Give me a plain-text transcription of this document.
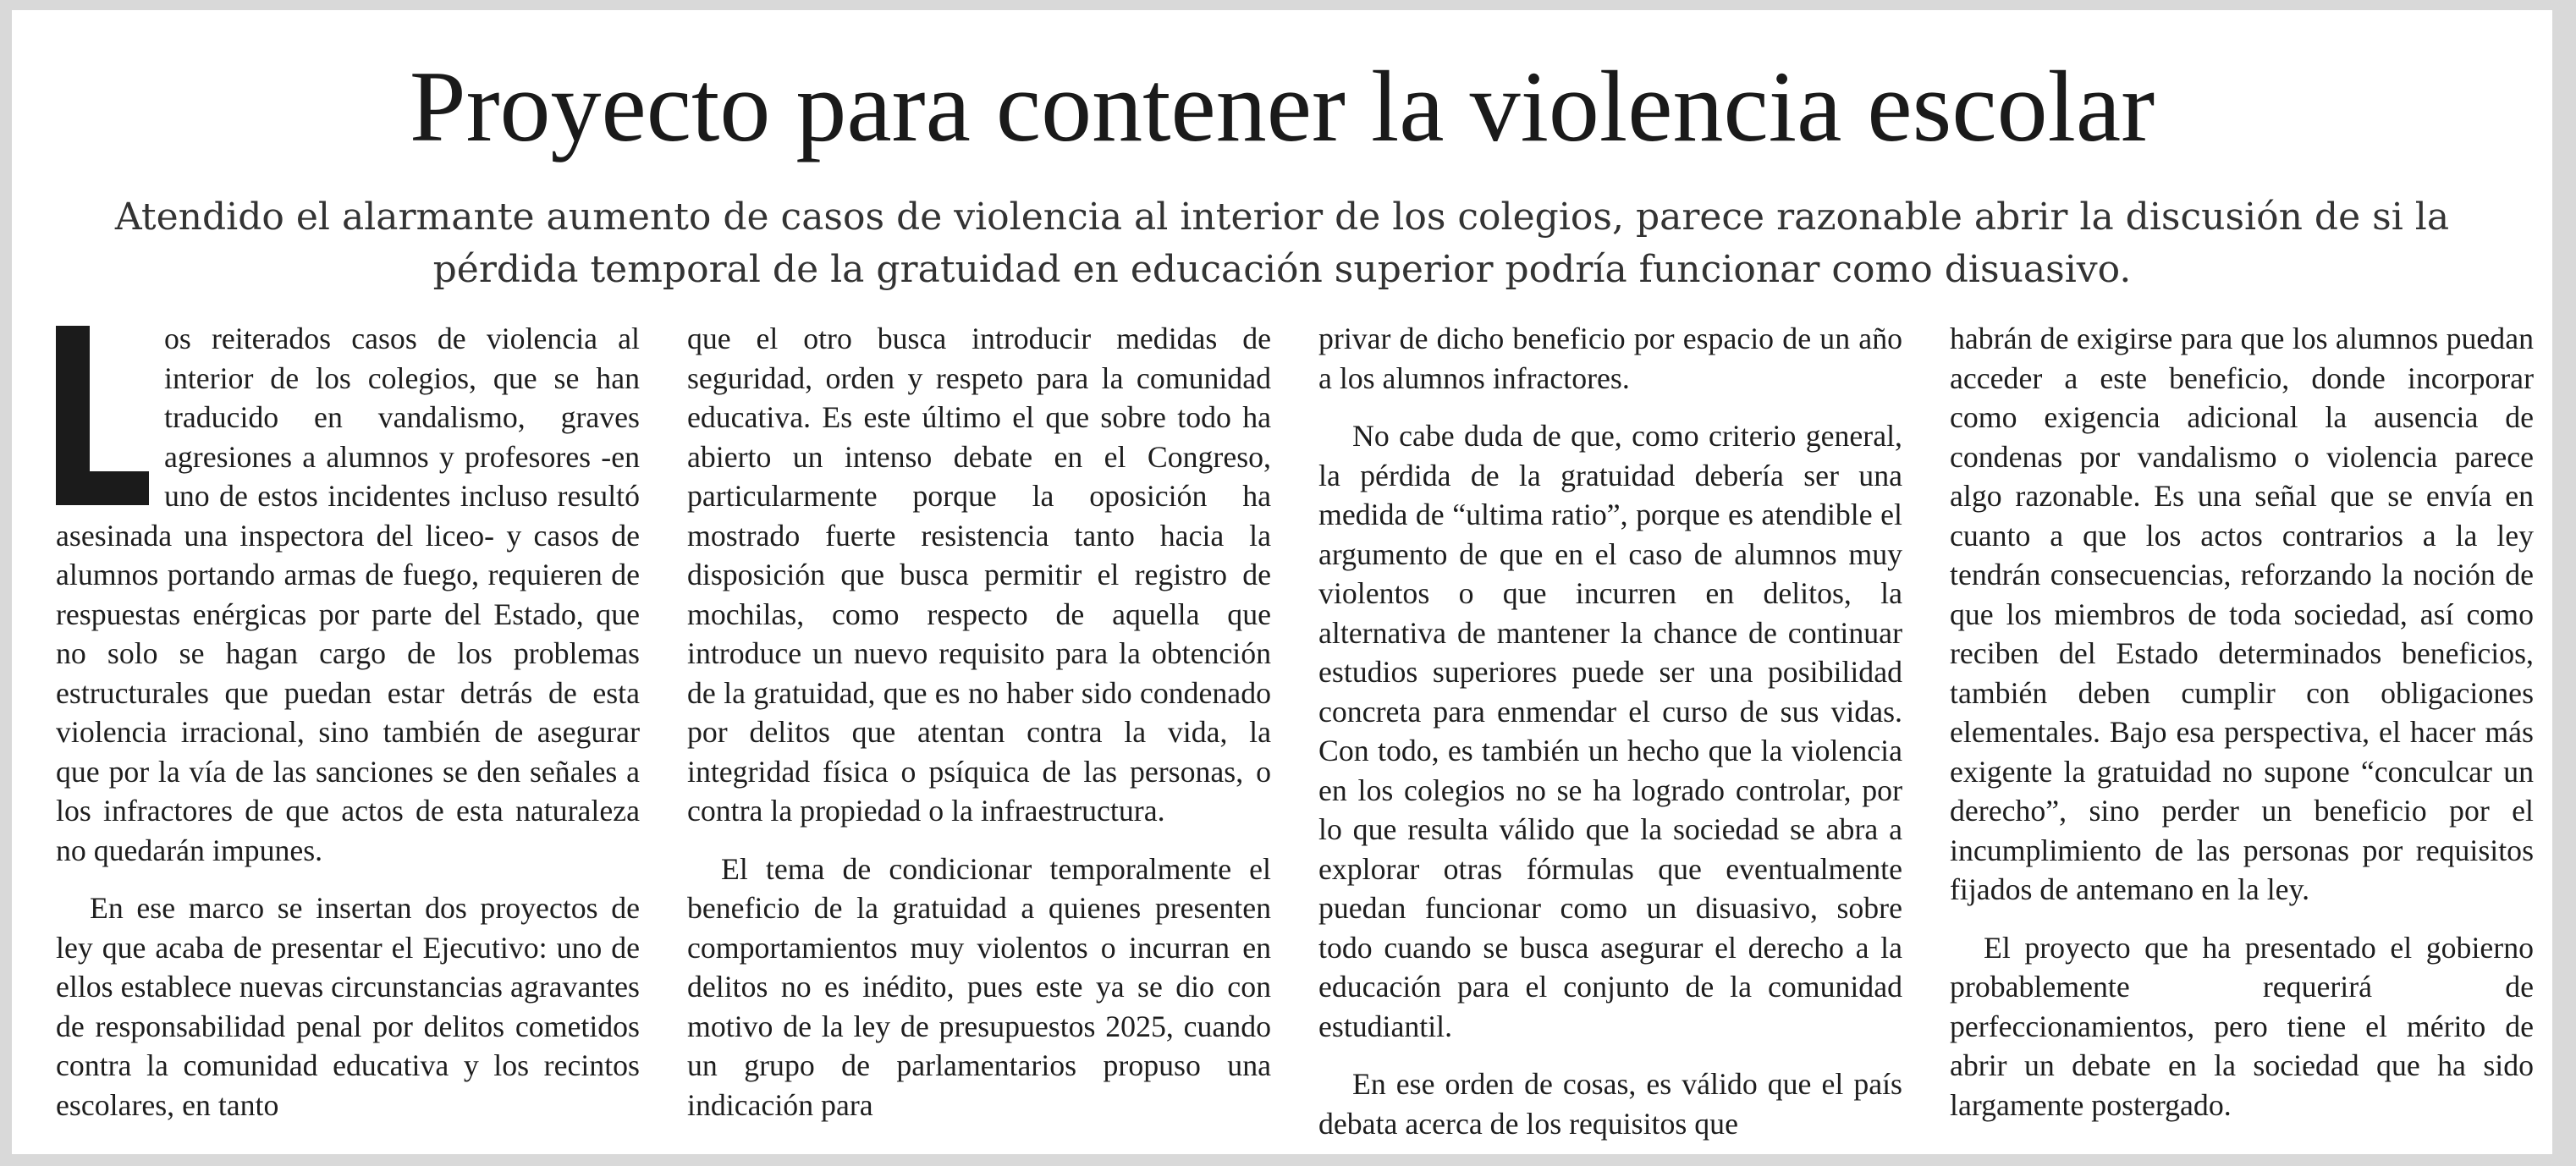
Proyecto para contener la violencia escolar

Atendido el alarmante aumento de casos de violencia al interior de los colegios, parece razonable abrir la discusión de si la pérdida temporal de la gratuidad en educación superior podría funcionar como disuasivo.

os reiterados casos de violencia al interior de los colegios, que se han traducido en vandalismo, graves agresiones a alumnos y profesores -en uno de estos incidentes incluso resultó asesinada una inspectora del liceo- y casos de alumnos portando armas de fuego, requieren de respuestas enérgicas por parte del Estado, que no solo se hagan cargo de los problemas estructurales que puedan estar detrás de esta violencia irracional, sino también de asegurar que por la vía de las sanciones se den señales a los infractores de que actos de esta naturaleza no quedarán impunes.

En ese marco se insertan dos proyectos de ley que acaba de presentar el Ejecutivo: uno de ellos establece nuevas circunstancias agravantes de responsabilidad penal por delitos cometidos contra la comunidad educativa y los recintos escolares, en tanto

que el otro busca introducir medidas de seguridad, orden y respeto para la comunidad educativa. Es este último el que sobre todo ha abierto un intenso debate en el Congreso, particularmente porque la oposición ha mostrado fuerte resistencia tanto hacia la disposición que busca permitir el registro de mochilas, como respecto de aquella que introduce un nuevo requisito para la obtención de la gratuidad, que es no haber sido condenado por delitos que atentan contra la vida, la integridad física o psíquica de las personas, o contra la propiedad o la infraestructura.

El tema de condicionar temporalmente el beneficio de la gratuidad a quienes presenten comportamientos muy violentos o incurran en delitos no es inédito, pues este ya se dio con motivo de la ley de presupuestos 2025, cuando un grupo de parlamentarios propuso una indicación para

privar de dicho beneficio por espacio de un año a los alumnos infractores.

No cabe duda de que, como criterio general, la pérdida de la gratuidad debería ser una medida de “ultima ratio”, porque es atendible el argumento de que en el caso de alumnos muy violentos o que incurren en delitos, la alternativa de mantener la chance de continuar estudios superiores puede ser una posibilidad concreta para enmendar el curso de sus vidas. Con todo, es también un hecho que la violencia en los colegios no se ha logrado controlar, por lo que resulta válido que la sociedad se abra a explorar otras fórmulas que eventualmente puedan funcionar como un disuasivo, sobre todo cuando se busca asegurar el derecho a la educación para el conjunto de la comunidad estudiantil.

En ese orden de cosas, es válido que el país debata acerca de los requisitos que

habrán de exigirse para que los alumnos puedan acceder a este beneficio, donde incorporar como exigencia adicional la ausencia de condenas por vandalismo o violencia parece algo razonable. Es una señal que se envía en cuanto a que los actos contrarios a la ley tendrán consecuencias, reforzando la noción de que los miembros de toda sociedad, así como reciben del Estado determinados beneficios, también deben cumplir con obligaciones elementales. Bajo esa perspectiva, el hacer más exigente la gratuidad no supone “conculcar un derecho”, sino perder un beneficio por el incumplimiento de las personas por requisitos fijados de antemano en la ley.

El proyecto que ha presentado el gobierno probablemente requerirá de perfeccionamientos, pero tiene el mérito de abrir un debate en la sociedad que ha sido largamente postergado.
